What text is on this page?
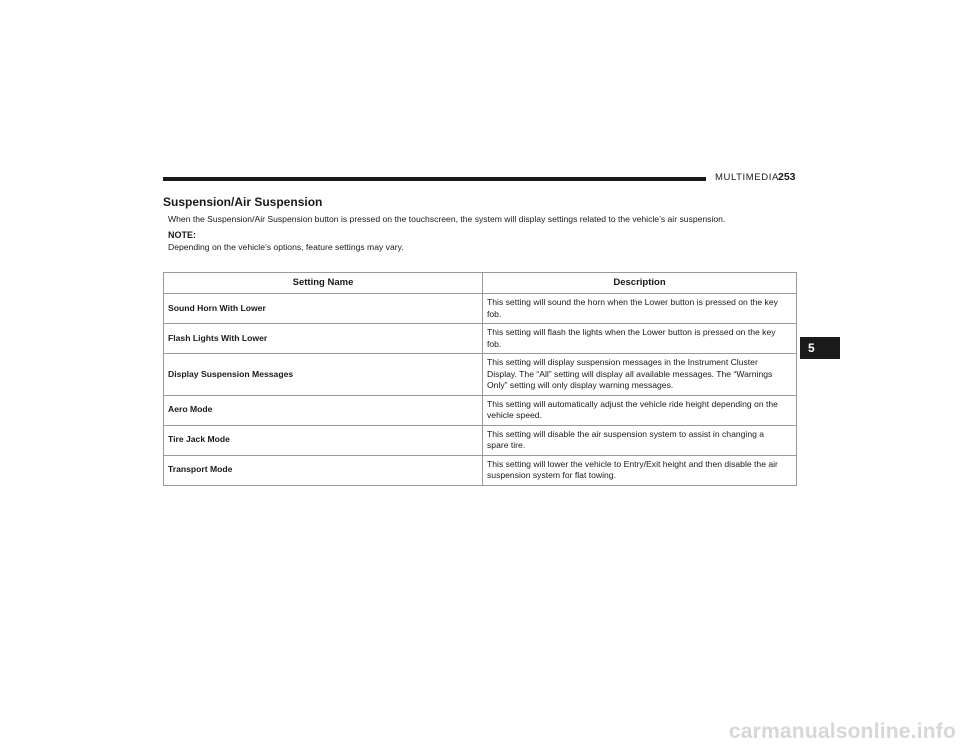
MULTIMEDIA 253
Suspension/Air Suspension
When the Suspension/Air Suspension button is pressed on the touchscreen, the system will display settings related to the vehicle’s air suspension.
NOTE:
Depending on the vehicle’s options, feature settings may vary.
5
Setting Name	Description
Sound Horn With Lower	This setting will sound the horn when the Lower button is pressed on the key
fob.

Flash Lights With Lower	This setting will flash the lights when the Lower button is pressed on the key
fob.

Display Suspension Messages	This setting will display suspension messages in the Instrument Cluster
Display. The “All” setting will display all available messages. The “Warnings
Only” setting will only display warning messages.

Aero Mode	This setting will automatically adjust the vehicle ride height depending on the
vehicle speed.

Tire Jack Mode	This setting will disable the air suspension system to assist in changing a
spare tire.

Transport Mode	This setting will lower the vehicle to Entry/Exit height and then disable the air
suspension system for flat towing.
carmanualsonline.info
